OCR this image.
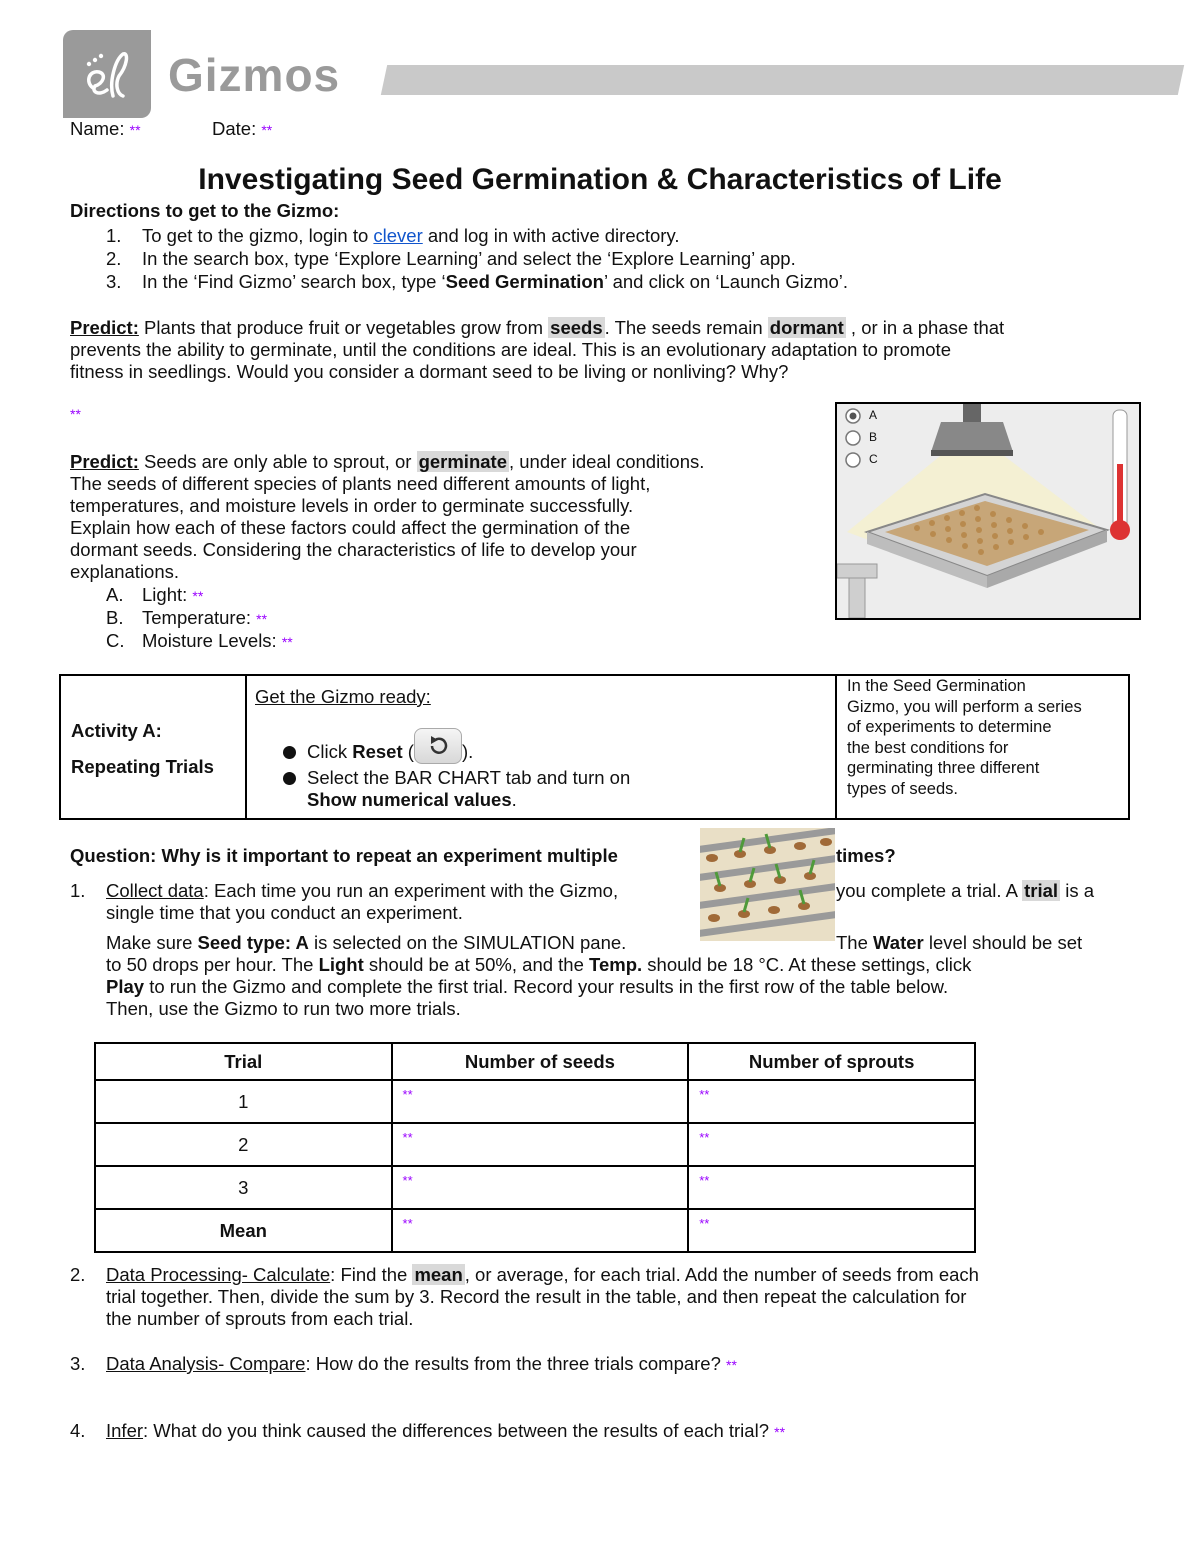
Gizmos
Name: **	Date: **
Investigating Seed Germination & Characteristics of Life
Directions to get to the Gizmo:
1. To get to the gizmo, login to clever and log in with active directory.
2. In the search box, type ‘Explore Learning’ and select the ‘Explore Learning’ app.
3. In the ‘Find Gizmo’ search box, type ‘Seed Germination’ and click on ‘Launch Gizmo’.
Predict: Plants that produce fruit or vegetables grow from seeds . The seeds remain dormant , or in a phase that
prevents the ability to germinate, until the conditions are ideal. This is an evolutionary adaptation to promote
fitness in seedlings. Would you consider a dormant seed to be living or nonliving? Why?
**
Predict: Seeds are only able to sprout, or germinate , under ideal conditions.
The seeds of different species of plants need different amounts of light,
temperatures, and moisture levels in order to germinate successfully.
Explain how each of these factors could affect the germination of the
dormant seeds. Considering the characteristics of life to develop your
explanations.
A. Light: **
B. Temperature: **
C. Moisture Levels: **
A
B
C
Activity A:
Repeating Trials
Get the Gizmo ready:
Click Reset (	).
Select the BAR CHART tab and turn on
Show numerical values.
In the Seed Germination
Gizmo, you will perform a series
of experiments to determine
the best conditions for
germinating three different
types of seeds.
Question: Why is it important to repeat an experiment multiple	times?
1. Collect data: Each time you run an experiment with the Gizmo,	you complete a trial. A trial is a
single time that you conduct an experiment.
Make sure Seed type: A is selected on the SIMULATION pane.	The Water level should be set
to 50 drops per hour. The Light should be at 50%, and the Temp. should be 18 °C. At these settings, click
Play to run the Gizmo and complete the first trial. Record your results in the first row of the table below.
Then, use the Gizmo to run two more trials.
Trial	Number of seeds	Number of sprouts
1	**	**
2	**	**
3	**	**
Mean	**	**
2. Data Processing- Calculate: Find the mean , or average, for each trial. Add the number of seeds from each
trial together. Then, divide the sum by 3. Record the result in the table, and then repeat the calculation for
the number of sprouts from each trial.
3. Data Analysis- Compare: How do the results from the three trials compare? **
4. Infer: What do you think caused the differences between the results of each trial? **
